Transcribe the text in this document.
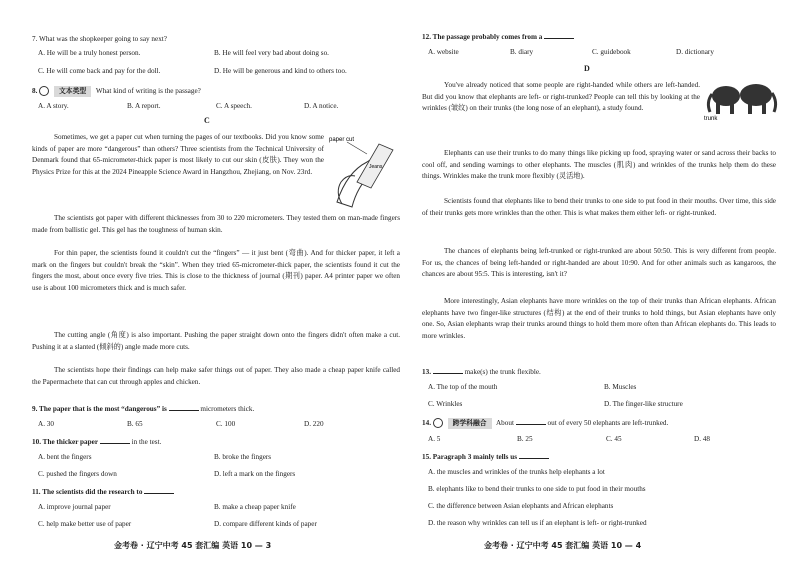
7. What was the shopkeeper going to say next?
A. He will be a truly honest person.	B. He will feel very bad about doing so.
C. He will come back and pay for the doll.	D. He will be generous and kind to others too.
8.	文本类型 What kind of writing is the passage?
A. A story.	B. A report.	C. A speech.	D. A notice.
C
Sometimes, we get a paper cut when turning the pages of our textbooks. Did you know some kinds of paper are more “dangerous” than others? Three scientists from the Technical University of Denmark found that 65-micrometer-thick paper is most likely to cut our skin (皮肤). They won the Physics Prize for this at the 2024 Pineapple Science Award in Hangzhou, Zhejiang, on Nov. 23rd.
paper cut
Jeans
The scientists got paper with different thicknesses from 30 to 220 micrometers. They tested them on man-made fingers made from ballistic gel. This gel has the toughness of human skin.
For thin paper, the scientists found it couldn't cut the “fingers” — it just bent (弯曲). And for thicker paper, it left a mark on the fingers but couldn't break the “skin”. When they tried 65-micrometer-thick paper, the scientists found it cut the fingers the most, about once every five tries. This is close to the thickness of journal (期刊) paper. A4 printer paper we often use is about 100 micrometers thick and is much safer.
The cutting angle (角度) is also important. Pushing the paper straight down onto the fingers didn't often make a cut. Pushing it at a slanted (倾斜的) angle made more cuts.
The scientists hope their findings can help make safer things out of paper. They also made a cheap paper knife called the Papermachete that can cut through apples and chicken.
9. The paper that is the most “dangerous” is	micrometers thick.
A. 30	B. 65	C. 100	D. 220
10. The thicker paper	in the test.
A. bent the fingers	B. broke the fingers
C. pushed the fingers down	D. left a mark on the fingers
11. The scientists did the research to
A. improve journal paper	B. make a cheap paper knife
C. help make better use of paper	D. compare different kinds of paper
金考卷 · 辽宁中考 45 套汇编 英语 10 — 3
12. The passage probably comes from a
A. website	B. diary	C. guidebook	D. dictionary
D
You've already noticed that some people are right-handed while others are left-handed. But did you know that elephants are left- or right-trunked? People can tell this by looking at the wrinkles (皱纹) on their trunks (the long nose of an elephant), a study found.
trunk
Elephants can use their trunks to do many things like picking up food, spraying water or sand across their backs to cool off, and sending warnings to other elephants. The muscles (肌肉) and wrinkles of the trunks help them do these things. Wrinkles make the trunk more flexibly (灵活地).
Scientists found that elephants like to bend their trunks to one side to put food in their mouths. Over time, this side of their trunks gets more wrinkles than the other. This is what makes them either left- or right-trunked.
The chances of elephants being left-trunked or right-trunked are about 50:50. This is very different from people. For us, the chances of being left-handed or right-handed are about 10:90. And for other animals such as kangaroos, the chances are about 95:5. This is interesting, isn't it?
More interestingly, Asian elephants have more wrinkles on the top of their trunks than African elephants. African elephants have two finger-like structures (结构) at the end of their trunks to hold things, but Asian elephants have only one. So, Asian elephants wrap their trunks around things to hold them more often than African elephants do. This leads to more wrinkles.
13.	make(s) the trunk flexible.
A. The top of the mouth	B. Muscles
C. Wrinkles	D. The finger-like structure
14.	跨学科融合 About	out of every 50 elephants are left-trunked.
A. 5	B. 25	C. 45	D. 48
15. Paragraph 3 mainly tells us
A. the muscles and wrinkles of the trunks help elephants a lot
B. elephants like to bend their trunks to one side to put food in their mouths
C. the difference between Asian elephants and African elephants
D. the reason why wrinkles can tell us if an elephant is left- or right-trunked
金考卷 · 辽宁中考 45 套汇编 英语 10 — 4
